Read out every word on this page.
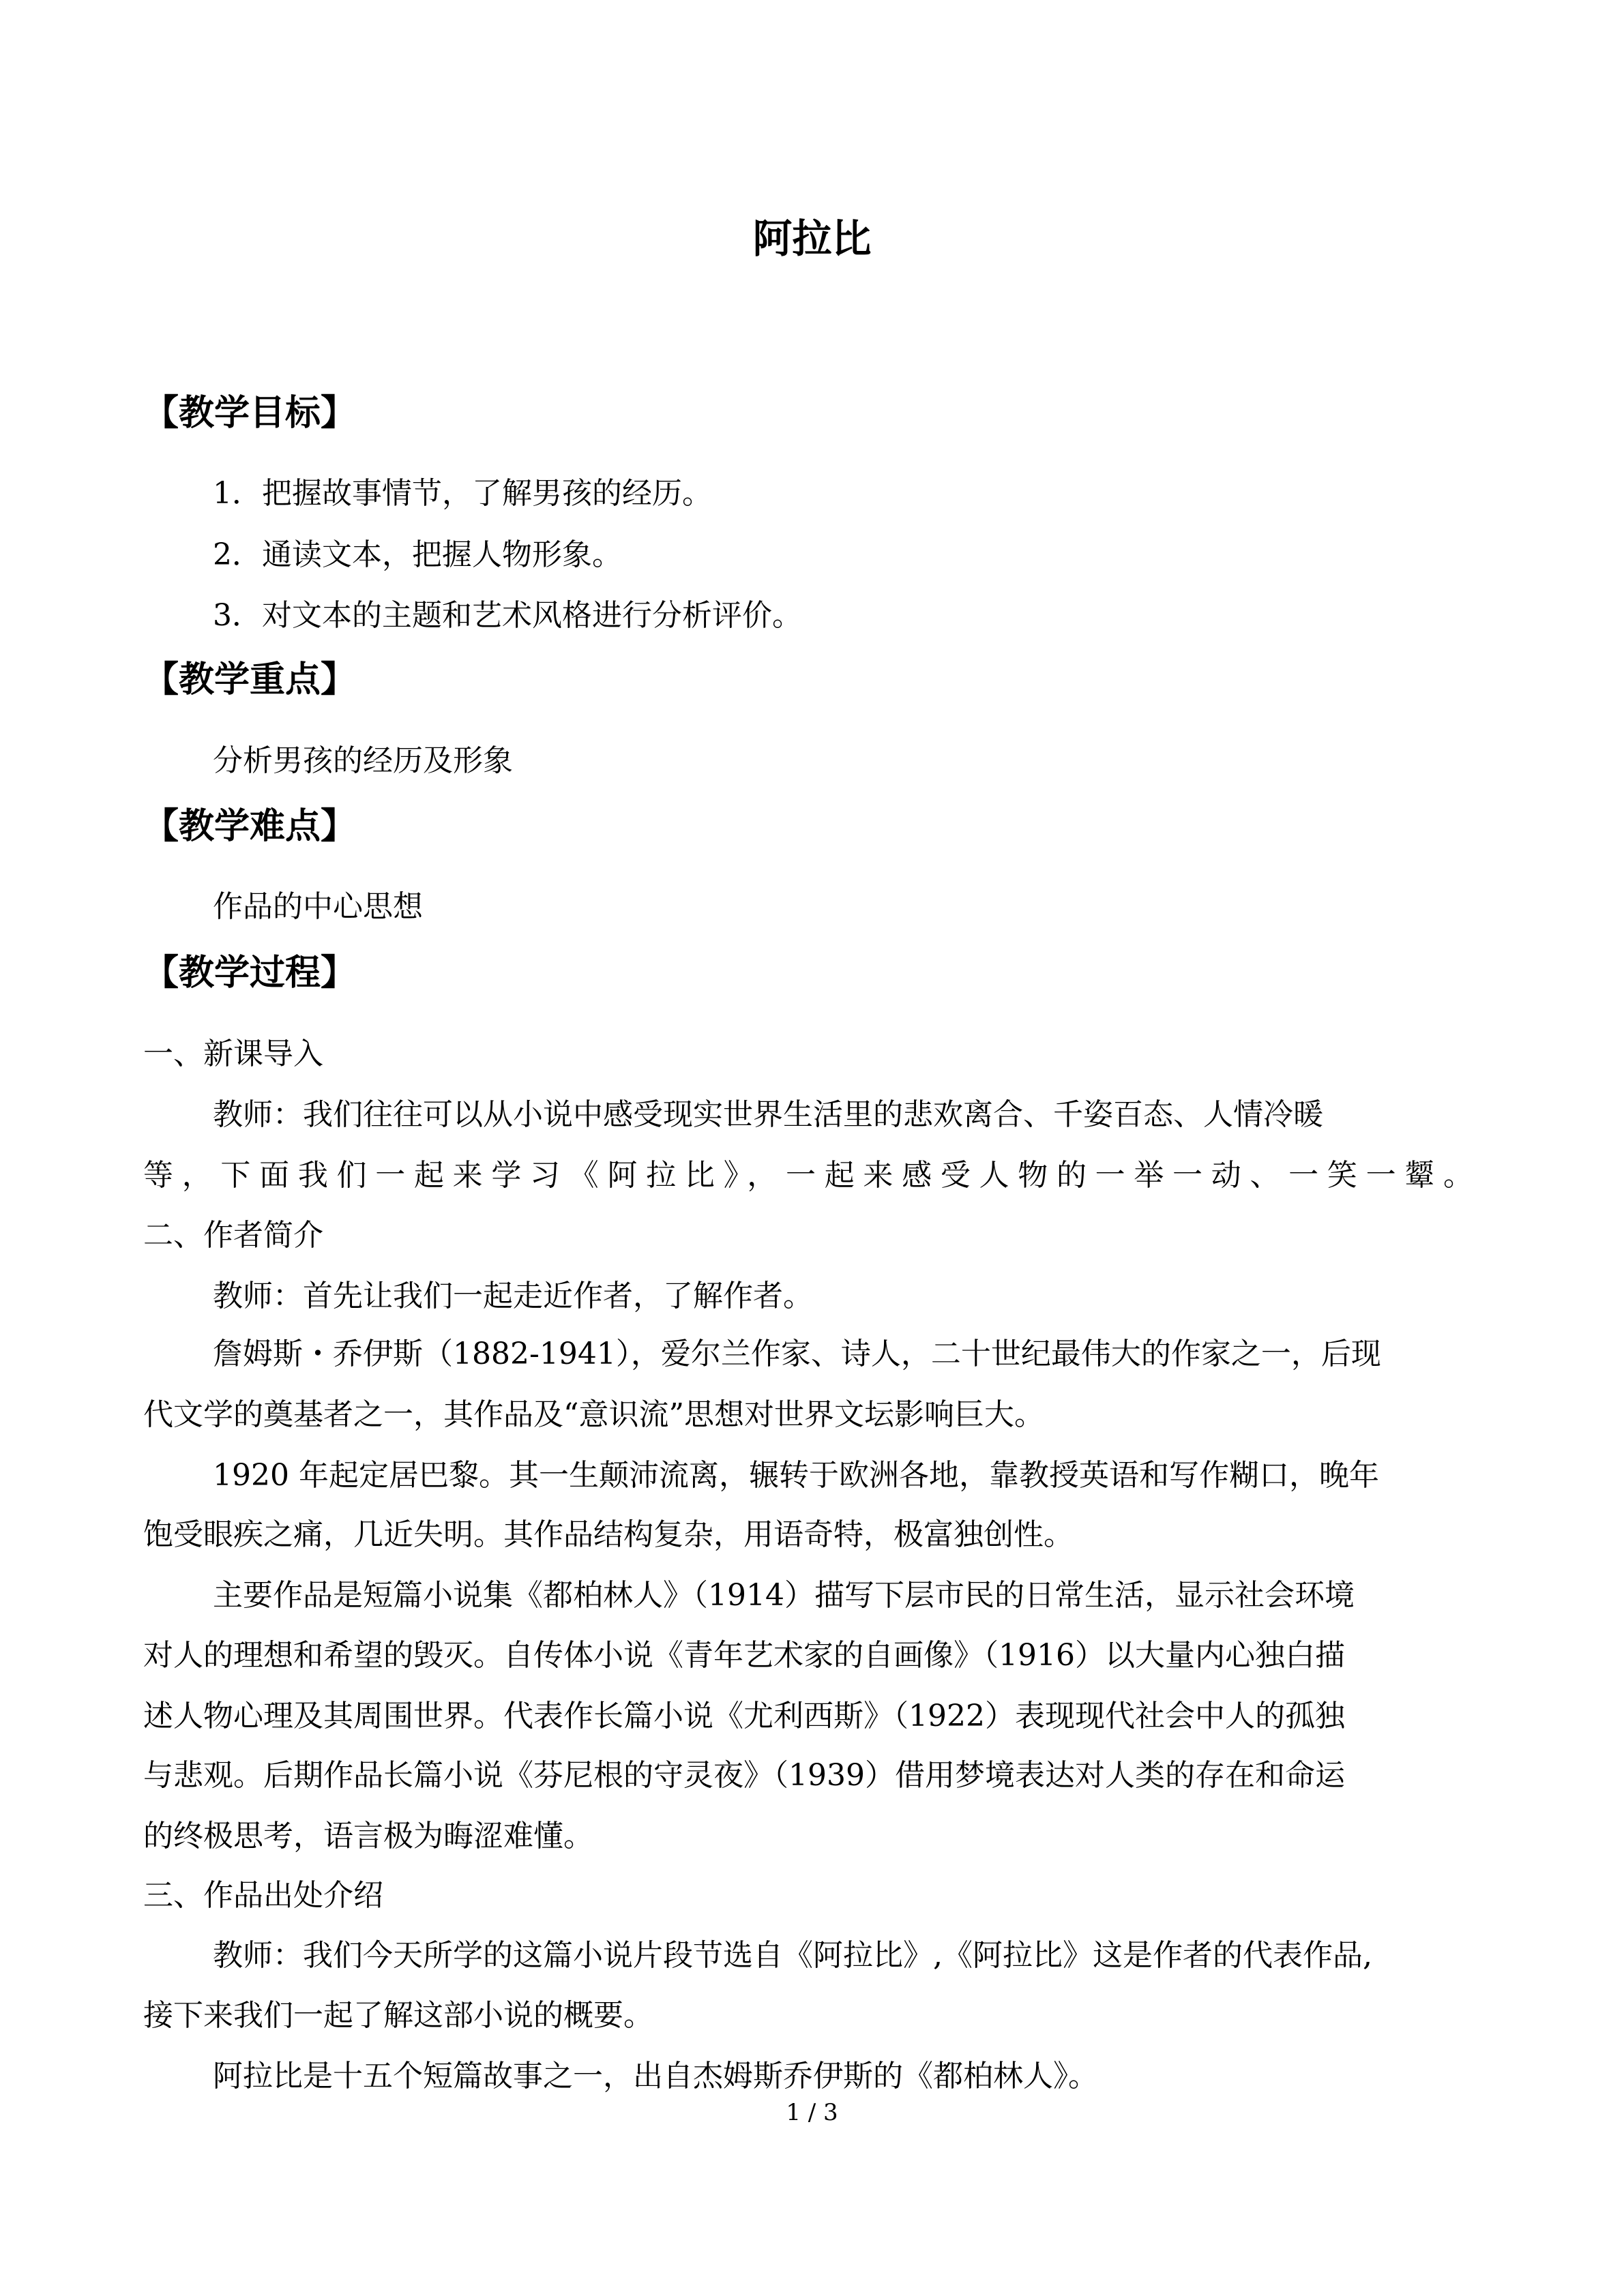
阿拉比
【教学目标】
1．把握故事情节，了解男孩的经历。
2．通读文本，把握人物形象。
3．对文本的主题和艺术风格进行分析评价。
【教学重点】
分析男孩的经历及形象
【教学难点】
作品的中心思想
【教学过程】
一、新课导入
教师：我们往往可以从小说中感受现实世界生活里的悲欢离合、千姿百态、人情冷暖
等，下面我们一起来学习《阿拉比》，一起来感受人物的一举一动、一笑一颦。
二、作者简介
教师：首先让我们一起走近作者，了解作者。
詹姆斯・乔伊斯（1882-1941），爱尔兰作家、诗人，二十世纪最伟大的作家之一，后现
代文学的奠基者之一，其作品及“意识流”思想对世界文坛影响巨大。
1920 年起定居巴黎。其一生颠沛流离，辗转于欧洲各地，靠教授英语和写作糊口，晚年
饱受眼疾之痛，几近失明。其作品结构复杂，用语奇特，极富独创性。
主要作品是短篇小说集《都柏林人》（1914）描写下层市民的日常生活，显示社会环境
对人的理想和希望的毁灭。自传体小说《青年艺术家的自画像》（1916）以大量内心独白描
述人物心理及其周围世界。代表作长篇小说《尤利西斯》（1922）表现现代社会中人的孤独
与悲观。后期作品长篇小说《芬尼根的守灵夜》（1939）借用梦境表达对人类的存在和命运
的终极思考，语言极为晦涩难懂。
三、作品出处介绍
教师：我们今天所学的这篇小说片段节选自《阿拉比》,《阿拉比》这是作者的代表作品,
接下来我们一起了解这部小说的概要。
阿拉比是十五个短篇故事之一，出自杰姆斯乔伊斯的《都柏林人》。
1 / 3
